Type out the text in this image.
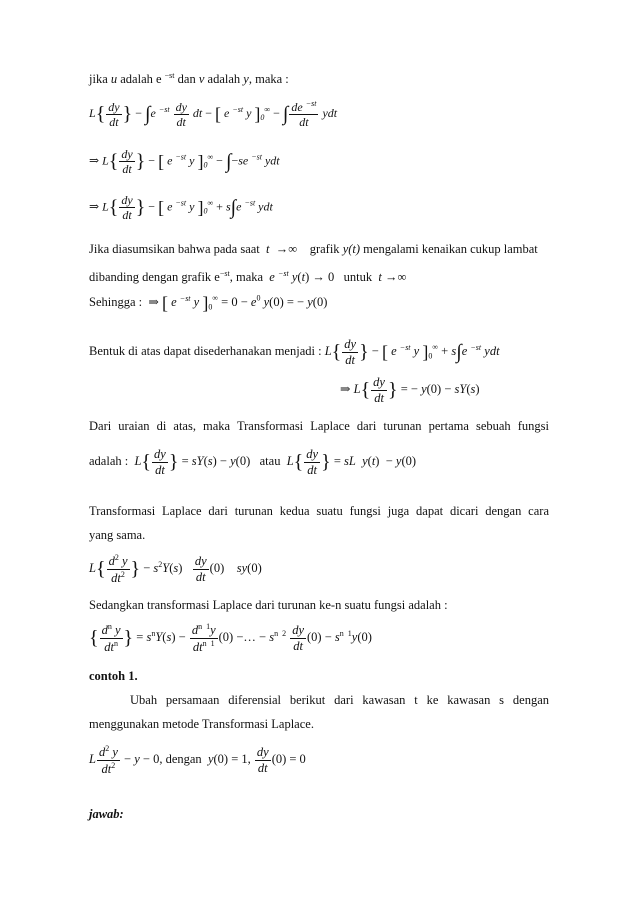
jika u adalah e $^{-st}$ dan v adalah y, maka :
$L\{ \frac{dy}{dt}$ } − ∫e $^{-st} \frac{dy}{dt}$ dt − [ e $^{-st}$ y ]$_0^\infty$ − ∫ $\frac{de ^{-st}}{dt}$ ydt
⇒ $L\{ \frac{dy}{dt}$ } − [ e $^{-st}$ y ]$_0^\infty - \int-se$ $^{-st}$ ydt
⇒ $L\{ \frac{dy}{dt}$ } − [ e $^{-st}$ y ]$_0^\infty + s\int e$ $^{-st}$ ydt
Jika diasumsikan bahwa pada saat  t →∞    grafik y(t) mengalami kenaikan cukup lambat
dibanding dengan grafik $e^{-st}$, maka  e $^{-st}$ y(t) → 0   untuk t →∞
Sehingga :  ⇒ [ e $^{-st}$ y ]$_0^\infty = 0 - e^0$ y(0) = − y(0)
Bentuk di atas dapat disederhanakan menjadi : $L\{ \frac{dy}{dt}$ } − [ e $^{-st}$ y ]$_0^\infty + s\int e$ $^{-st}$ ydt
⇒ $L\{ \frac{dy}{dt}$ } = − y(0) − sY(s)
Dari uraian di atas, maka Transformasi Laplace dari turunan pertama sebuah fungsi
adalah : $L\{ \frac{dy}{dt}$ } = sY(s) − y(0)   atau $L\{ \frac{dy}{dt}$ } = sL y(t)  − y(0)
Transformasi Laplace dari turunan kedua suatu fungsi juga dapat dicari dengan cara
yang sama.
$L\{ \frac{d^2 y}{dt^2}$ } − $s^2Y(s) \frac{dy}{dt} (0)$    sy(0)
Sedangkan transformasi Laplace dari turunan ke-n suatu fungsi adalah :
{ $\frac{d^n y}{dt^n}$ } = $s^nY(s) - \frac{d^{n 1}y}{dt^{n 1}} (0)$ −… − $s^{n 2} \frac{dy}{dt} (0) - s^{n 1}y(0)$
contoh 1.
Ubah persamaan diferensial berikut dari kawasan t ke kawasan s dengan
menggunakan metode Transformasi Laplace.
L $\frac{d^2 y}{dt^2} - y - 0$, dengan y(0) = 1, $\frac{dy}{dt} (0) = 0$
jawab:
